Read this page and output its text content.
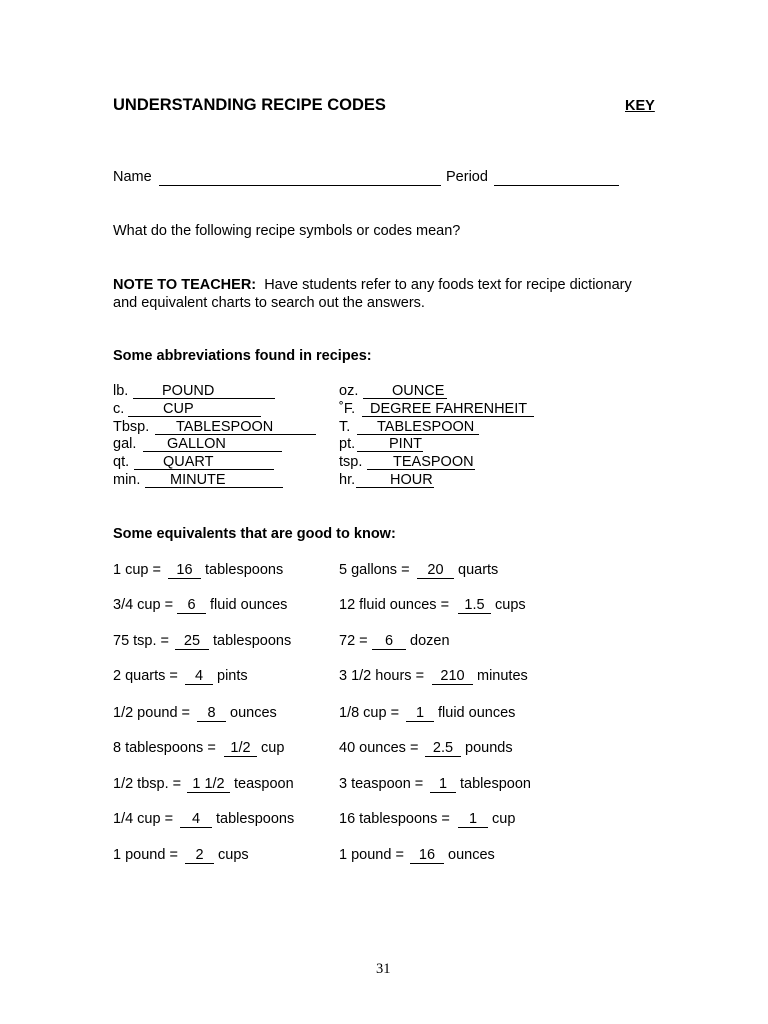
UNDERSTANDING RECIPE CODES	KEY
Name	Period
What do the following recipe symbols or codes mean?
NOTE TO TEACHER: Have students refer to any foods text for recipe dictionary
and equivalent charts to search out the answers.
Some abbreviations found in recipes:
lb. POUND
c.	CUP
Tbsp. TABLESPOON
gal. GALLON
qt. QUART
min. MINUTE
oz. OUNCE
˚F. DEGREE FAHRENHEIT
T. TABLESPOON
pt. PINT
tsp. TEASPOON
hr. HOUR
Some equivalents that are good to know:
1 cup =	16 tablespoons
3/4 cup = 6 fluid ounces
75 tsp. =	25 tablespoons
2 quarts =	4 pints
1/2 pound =	8 ounces
8 tablespoons =	1/2 cup
1/2 tbsp. = 1 1/2 teaspoon
1/4 cup =	4	tablespoons
1 pound =	2 cups
5 gallons =	20 quarts
12 fluid ounces =	1.5 cups
72 =	6	dozen
3 1/2 hours =	210 minutes
1/8 cup =	1 fluid ounces
40 ounces = 2.5 pounds
3 teaspoon =	1 tablespoon
16 tablespoons =	1	cup
1 pound =	16 ounces
31
